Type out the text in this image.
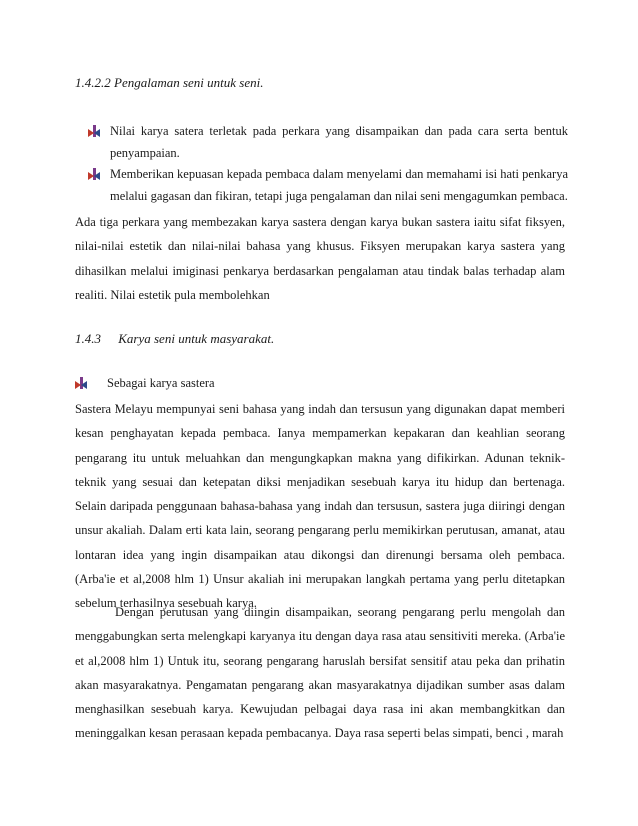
1.4.2.2 Pengalaman seni untuk seni.
Nilai karya satera terletak pada perkara yang disampaikan dan pada cara serta bentuk penyampaian.
Memberikan kepuasan kepada pembaca dalam menyelami dan memahami isi hati penkarya melalui gagasan dan fikiran, tetapi juga pengalaman dan nilai seni mengagumkan pembaca.
Ada tiga perkara yang membezakan karya sastera dengan karya bukan sastera iaitu sifat fiksyen, nilai-nilai estetik dan nilai-nilai bahasa yang khusus. Fiksyen merupakan karya sastera yang dihasilkan melalui imiginasi penkarya berdasarkan pengalaman atau tindak balas terhadap alam realiti. Nilai estetik pula membolehkan
1.4.3 Karya seni untuk masyarakat.
Sebagai karya sastera
Sastera Melayu mempunyai seni bahasa yang indah dan tersusun yang digunakan dapat memberi kesan penghayatan kepada pembaca. Ianya mempamerkan kepakaran dan keahlian seorang pengarang itu untuk meluahkan dan mengungkapkan makna yang difikirkan. Adunan teknik-teknik yang sesuai dan ketepatan diksi menjadikan sesebuah karya itu hidup dan bertenaga. Selain daripada penggunaan bahasa-bahasa yang indah dan tersusun, sastera juga diiringi dengan unsur akaliah. Dalam erti kata lain, seorang pengarang perlu memikirkan perutusan, amanat, atau lontaran idea yang ingin disampaikan atau dikongsi dan direnungi bersama oleh pembaca. (Arba'ie et al,2008 hlm 1) Unsur akaliah ini merupakan langkah pertama yang perlu ditetapkan sebelum terhasilnya sesebuah karya.
Dengan perutusan yang diingin disampaikan, seorang pengarang perlu mengolah dan menggabungkan serta melengkapi karyanya itu dengan daya rasa atau sensitiviti mereka. (Arba'ie et al,2008 hlm 1) Untuk itu, seorang pengarang haruslah bersifat sensitif atau peka dan prihatin akan masyarakatnya. Pengamatan pengarang akan masyarakatnya dijadikan sumber asas dalam menghasilkan sesebuah karya. Kewujudan pelbagai daya rasa ini akan membangkitkan dan meninggalkan kesan perasaan kepada pembacanya. Daya rasa seperti belas simpati, benci , marah
